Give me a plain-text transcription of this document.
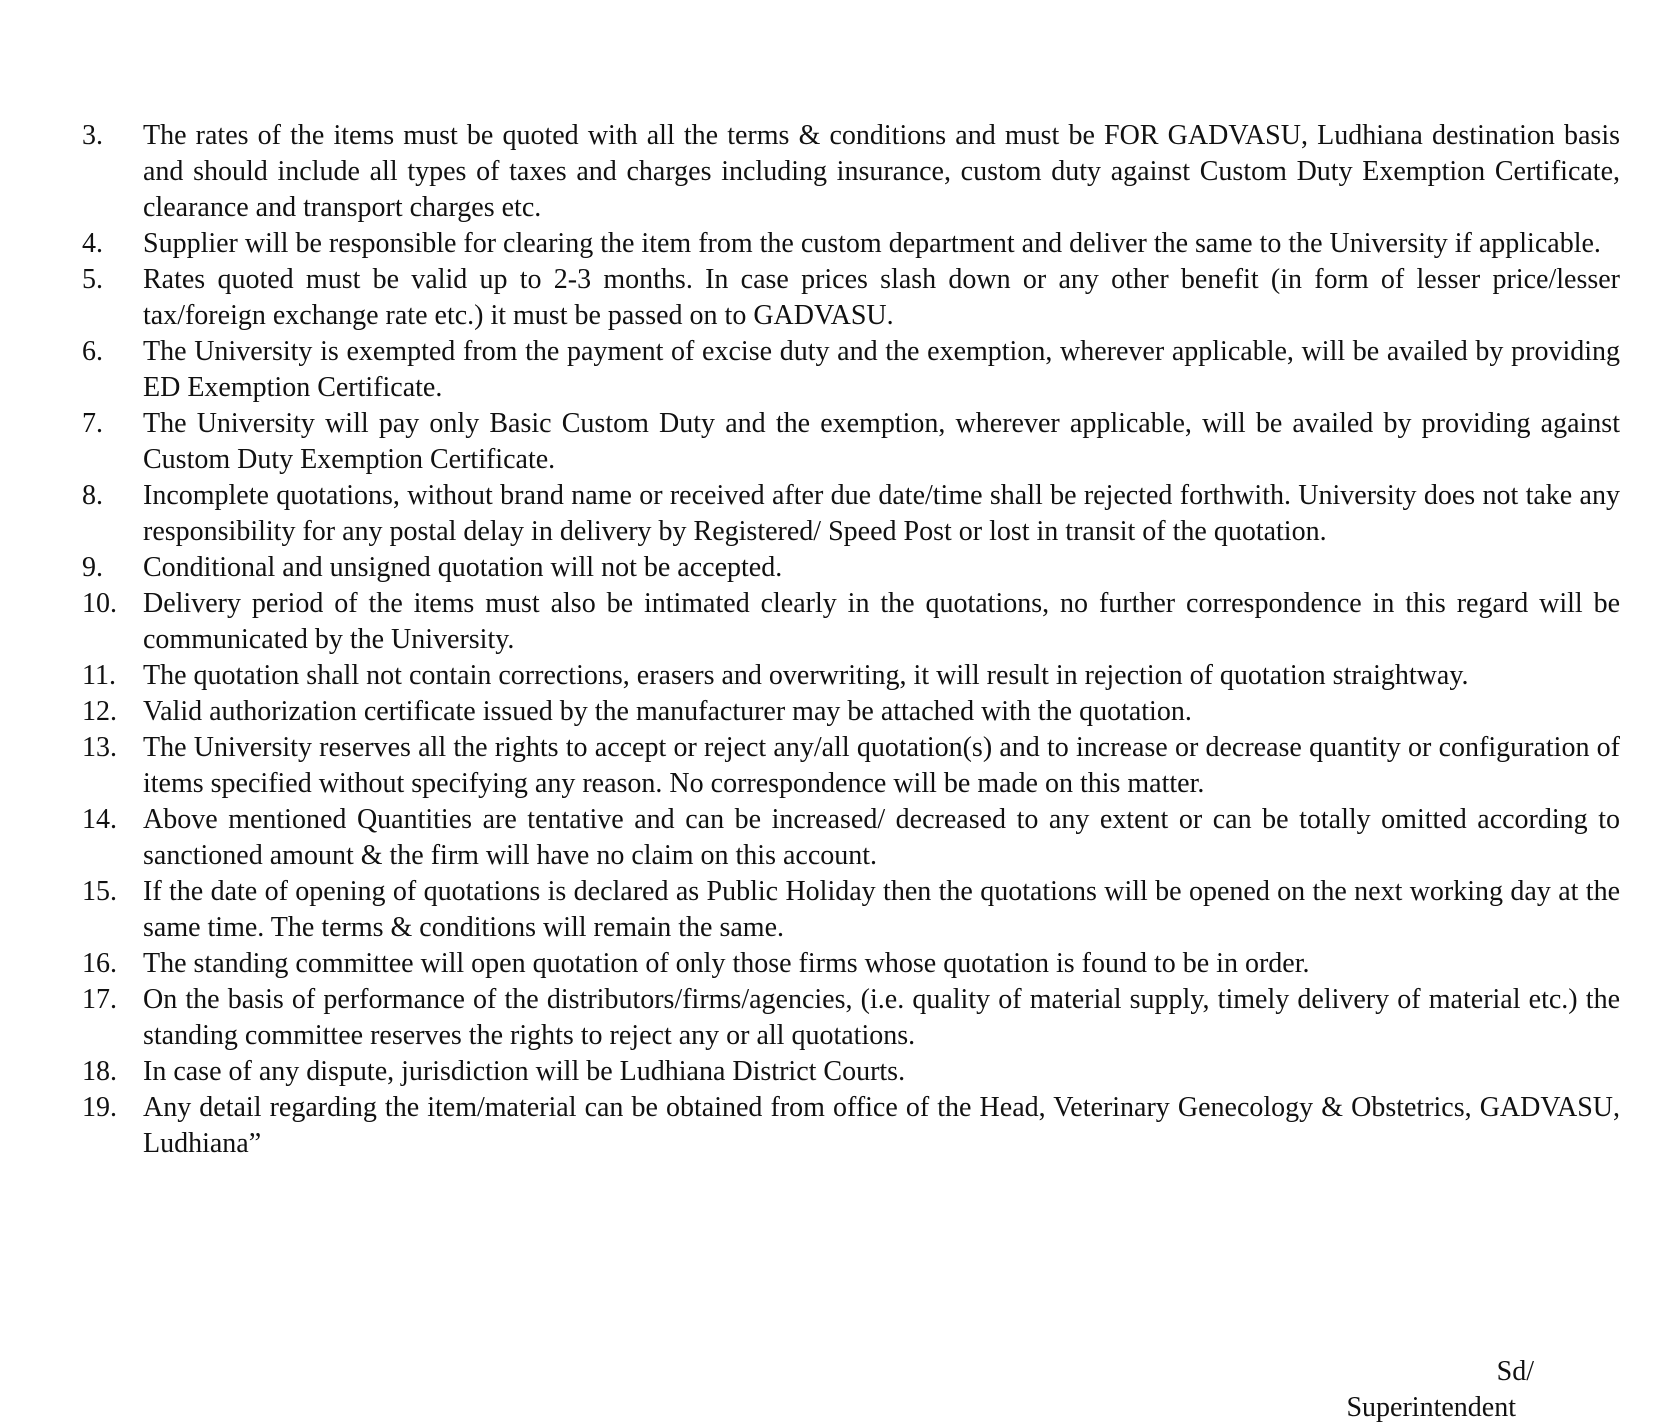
3.	The rates of the items must be quoted with all the terms & conditions and must be FOR GADVASU, Ludhiana destination basis and should include all types of taxes and charges including insurance, custom duty against Custom Duty Exemption Certificate, clearance and transport charges etc.
4.	Supplier will be responsible for clearing the item from the custom department and deliver the same to the University if applicable.
5.	Rates quoted must be valid up to 2-3 months. In case prices slash down or any other benefit (in form of lesser price/lesser tax/foreign exchange rate etc.) it must be passed on to GADVASU.
6.	The University is exempted from the payment of excise duty and the exemption, wherever applicable, will be availed by providing ED Exemption Certificate.
7.	The University will pay only Basic Custom Duty and the exemption, wherever applicable, will be availed by providing against Custom Duty Exemption Certificate.
8.	Incomplete quotations, without brand name or received after due date/time shall be rejected forthwith. University does not take any responsibility for any postal delay in delivery by Registered/ Speed Post or lost in transit of the quotation.
9.	Conditional and unsigned quotation will not be accepted.
10. Delivery period of the items must also be intimated clearly in the quotations, no further correspondence in this regard will be communicated by the University.
11. The quotation shall not contain corrections, erasers and overwriting, it will result in rejection of quotation straightway.
12. Valid authorization certificate issued by the manufacturer may be attached with the quotation.
13. The University reserves all the rights to accept or reject any/all quotation(s) and to increase or decrease quantity or configuration of items specified without specifying any reason. No correspondence will be made on this matter.
14. Above mentioned Quantities are tentative and can be increased/ decreased to any extent or can be totally omitted according to sanctioned amount & the firm will have no claim on this account.
15. If the date of opening of quotations is declared as Public Holiday then the quotations will be opened on the next working day at the same time. The terms & conditions will remain the same.
16. The standing committee will open quotation of only those firms whose quotation is found to be in order.
17. On the basis of performance of the distributors/firms/agencies, (i.e. quality of material supply, timely delivery of material etc.) the standing committee reserves the rights to reject any or all quotations.
18. In case of any dispute, jurisdiction will be Ludhiana District Courts.
19. Any detail regarding the item/material can be obtained from office of the Head, Veterinary Genecology & Obstetrics, GADVASU, Ludhiana”
Sd/
Superintendent
